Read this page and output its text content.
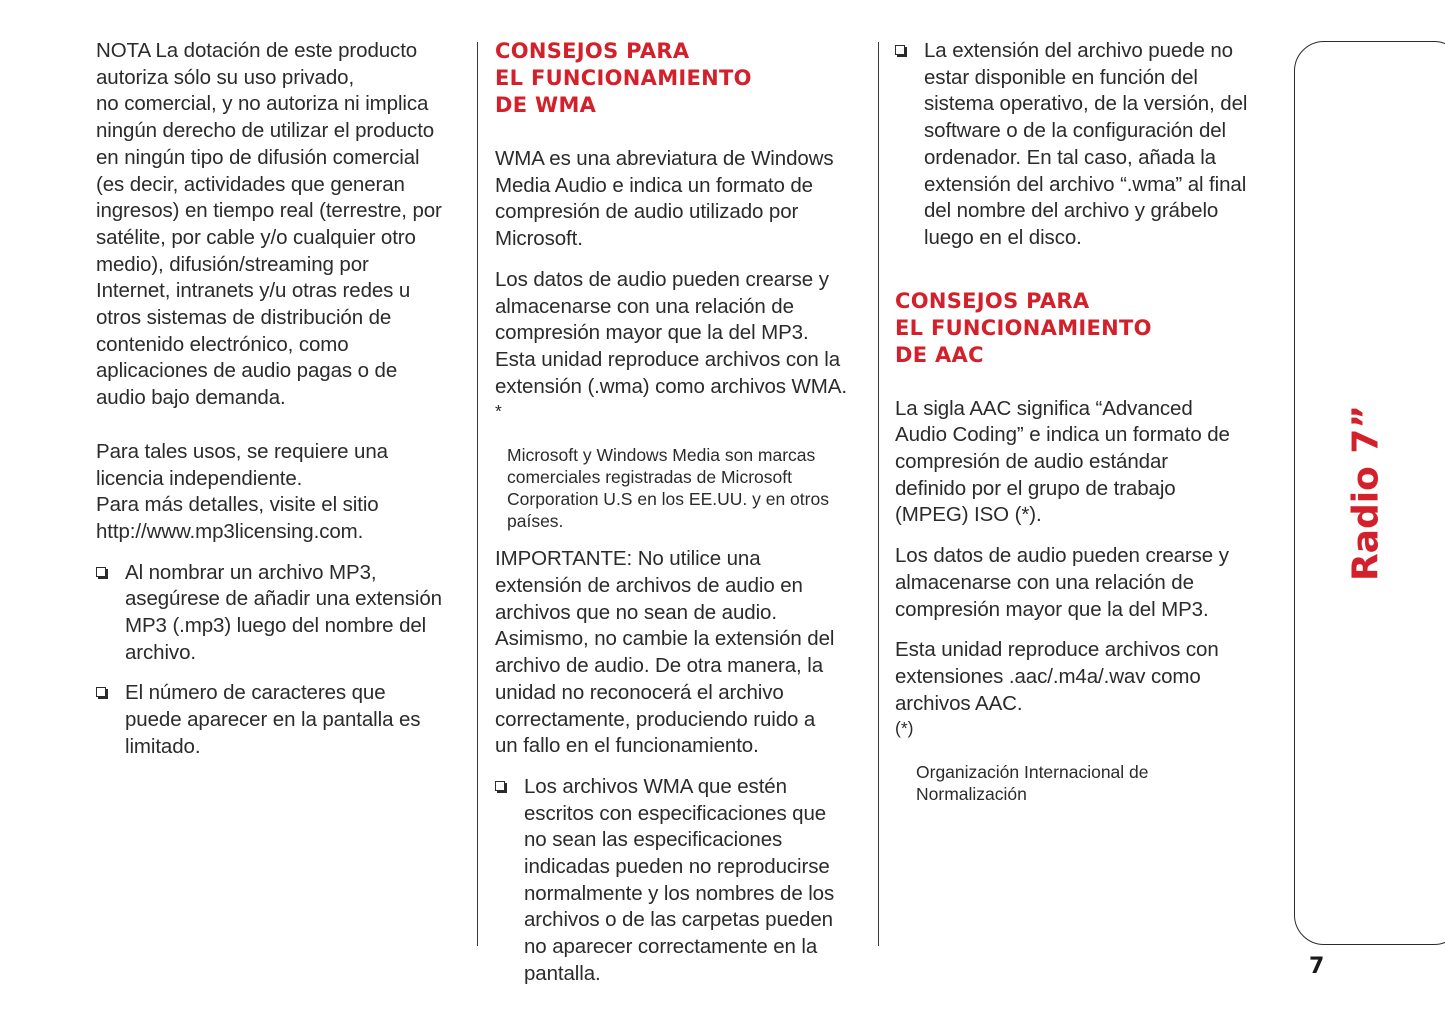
NOTA La dotación de este producto
autoriza sólo su uso privado,
no comercial, y no autoriza ni implica
ningún derecho de utilizar el producto
en ningún tipo de difusión comercial
(es decir, actividades que generan
ingresos) en tiempo real (terrestre, por
satélite, por cable y/o cualquier otro
medio), difusión/streaming por
Internet, intranets y/u otras redes u
otros sistemas de distribución de
contenido electrónico, como
aplicaciones de audio pagas o de
audio bajo demanda.

Para tales usos, se requiere una
licencia independiente.
Para más detalles, visite el sitio
http://www.mp3licensing.com.

Al nombrar un archivo MP3,
asegúrese de añadir una extensión
MP3 (.mp3) luego del nombre del
archivo.

El número de caracteres que
puede aparecer en la pantalla es
limitado.

CONSEJOS PARA
EL FUNCIONAMIENTO
DE WMA

WMA es una abreviatura de Windows
Media Audio e indica un formato de
compresión de audio utilizado por
Microsoft.

Los datos de audio pueden crearse y
almacenarse con una relación de
compresión mayor que la del MP3.
Esta unidad reproduce archivos con la
extensión (.wma) como archivos WMA.

*

Microsoft y Windows Media son marcas
comerciales registradas de Microsoft
Corporation U.S en los EE.UU. y en otros
países.

IMPORTANTE: No utilice una
extensión de archivos de audio en
archivos que no sean de audio.
Asimismo, no cambie la extensión del
archivo de audio. De otra manera, la
unidad no reconocerá el archivo
correctamente, produciendo ruido a
un fallo en el funcionamiento.

Los archivos WMA que estén
escritos con especificaciones que
no sean las especificaciones
indicadas pueden no reproducirse
normalmente y los nombres de los
archivos o de las carpetas pueden
no aparecer correctamente en la
pantalla.

La extensión del archivo puede no
estar disponible en función del
sistema operativo, de la versión, del
software o de la configuración del
ordenador. En tal caso, añada la
extensión del archivo “.wma” al final
del nombre del archivo y grábelo
luego en el disco.

CONSEJOS PARA
EL FUNCIONAMIENTO
DE AAC

La sigla AAC significa “Advanced
Audio Coding” e indica un formato de
compresión de audio estándar
definido por el grupo de trabajo
(MPEG) ISO (*).

Los datos de audio pueden crearse y
almacenarse con una relación de
compresión mayor que la del MP3.

Esta unidad reproduce archivos con
extensiones .aac/.m4a/.wav como
archivos AAC.

(*)

Organización Internacional de
Normalización

Radio 7”
7
